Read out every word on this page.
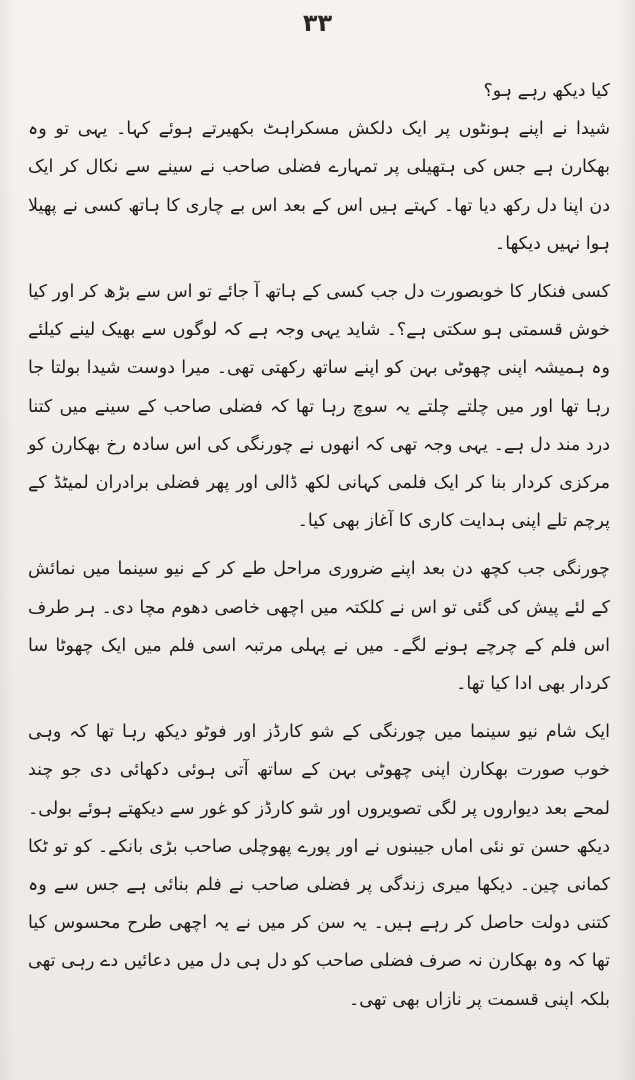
۳۳

کیا دیکھ رہے ہو؟

شیدا نے اپنے ہونٹوں پر ایک دلکش مسکراہٹ بکھیرتے ہوئے کہا۔ یہی تو وہ بھکارن ہے جس کی ہتھیلی پر تمہارے فضلی صاحب نے سینے سے نکال کر ایک دن اپنا دل رکھ دیا تھا۔ کہتے ہیں اس کے بعد اس بے چاری کا ہاتھ کسی نے پھیلا ہوا نہیں دیکھا۔

کسی فنکار کا خوبصورت دل جب کسی کے ہاتھ آ جائے تو اس سے بڑھ کر اور کیا خوش قسمتی ہو سکتی ہے؟۔ شاید یہی وجہ ہے کہ لوگوں سے بھیک لینے کیلئے وہ ہمیشہ اپنی چھوٹی بہن کو اپنے ساتھ رکھتی تھی۔ میرا دوست شیدا بولتا جا رہا تھا اور میں چلتے چلتے یہ سوچ رہا تھا کہ فضلی صاحب کے سینے میں کتنا درد مند دل ہے۔ یہی وجہ تھی کہ انھوں نے چورنگی کی اس سادہ رخ بھکارن کو مرکزی کردار بنا کر ایک فلمی کہانی لکھ ڈالی اور پھر فضلی برادران لمیٹڈ کے پرچم تلے اپنی ہدایت کاری کا آغاز بھی کیا۔

چورنگی جب کچھ دن بعد اپنے ضروری مراحل طے کر کے نیو سینما میں نمائش کے لئے پیش کی گئی تو اس نے کلکتہ میں اچھی خاصی دھوم مچا دی۔ ہر طرف اس فلم کے چرچے ہونے لگے۔ میں نے پہلی مرتبہ اسی فلم میں ایک چھوٹا سا کردار بھی ادا کیا تھا۔

ایک شام نیو سینما میں چورنگی کے شو کارڈز اور فوٹو دیکھ رہا تھا کہ وہی خوب صورت بھکارن اپنی چھوٹی بہن کے ساتھ آتی ہوئی دکھائی دی جو چند لمحے بعد دیواروں پر لگی تصویروں اور شو کارڈز کو غور سے دیکھتے ہوئے بولی۔ دیکھ حسن تو نئی اماں جیبنوں نے اور پورے پھوچلی صاحب بڑی بانکے۔ کو تو ٹکا کمانی چین۔ دیکھا میری زندگی پر فضلی صاحب نے فلم بنائی ہے جس سے وہ کتنی دولت حاصل کر رہے ہیں۔ یہ سن کر میں نے یہ اچھی طرح محسوس کیا تھا کہ وہ بھکارن نہ صرف فضلی صاحب کو دل ہی دل میں دعائیں دے رہی تھی بلکہ اپنی قسمت پر نازاں بھی تھی۔
